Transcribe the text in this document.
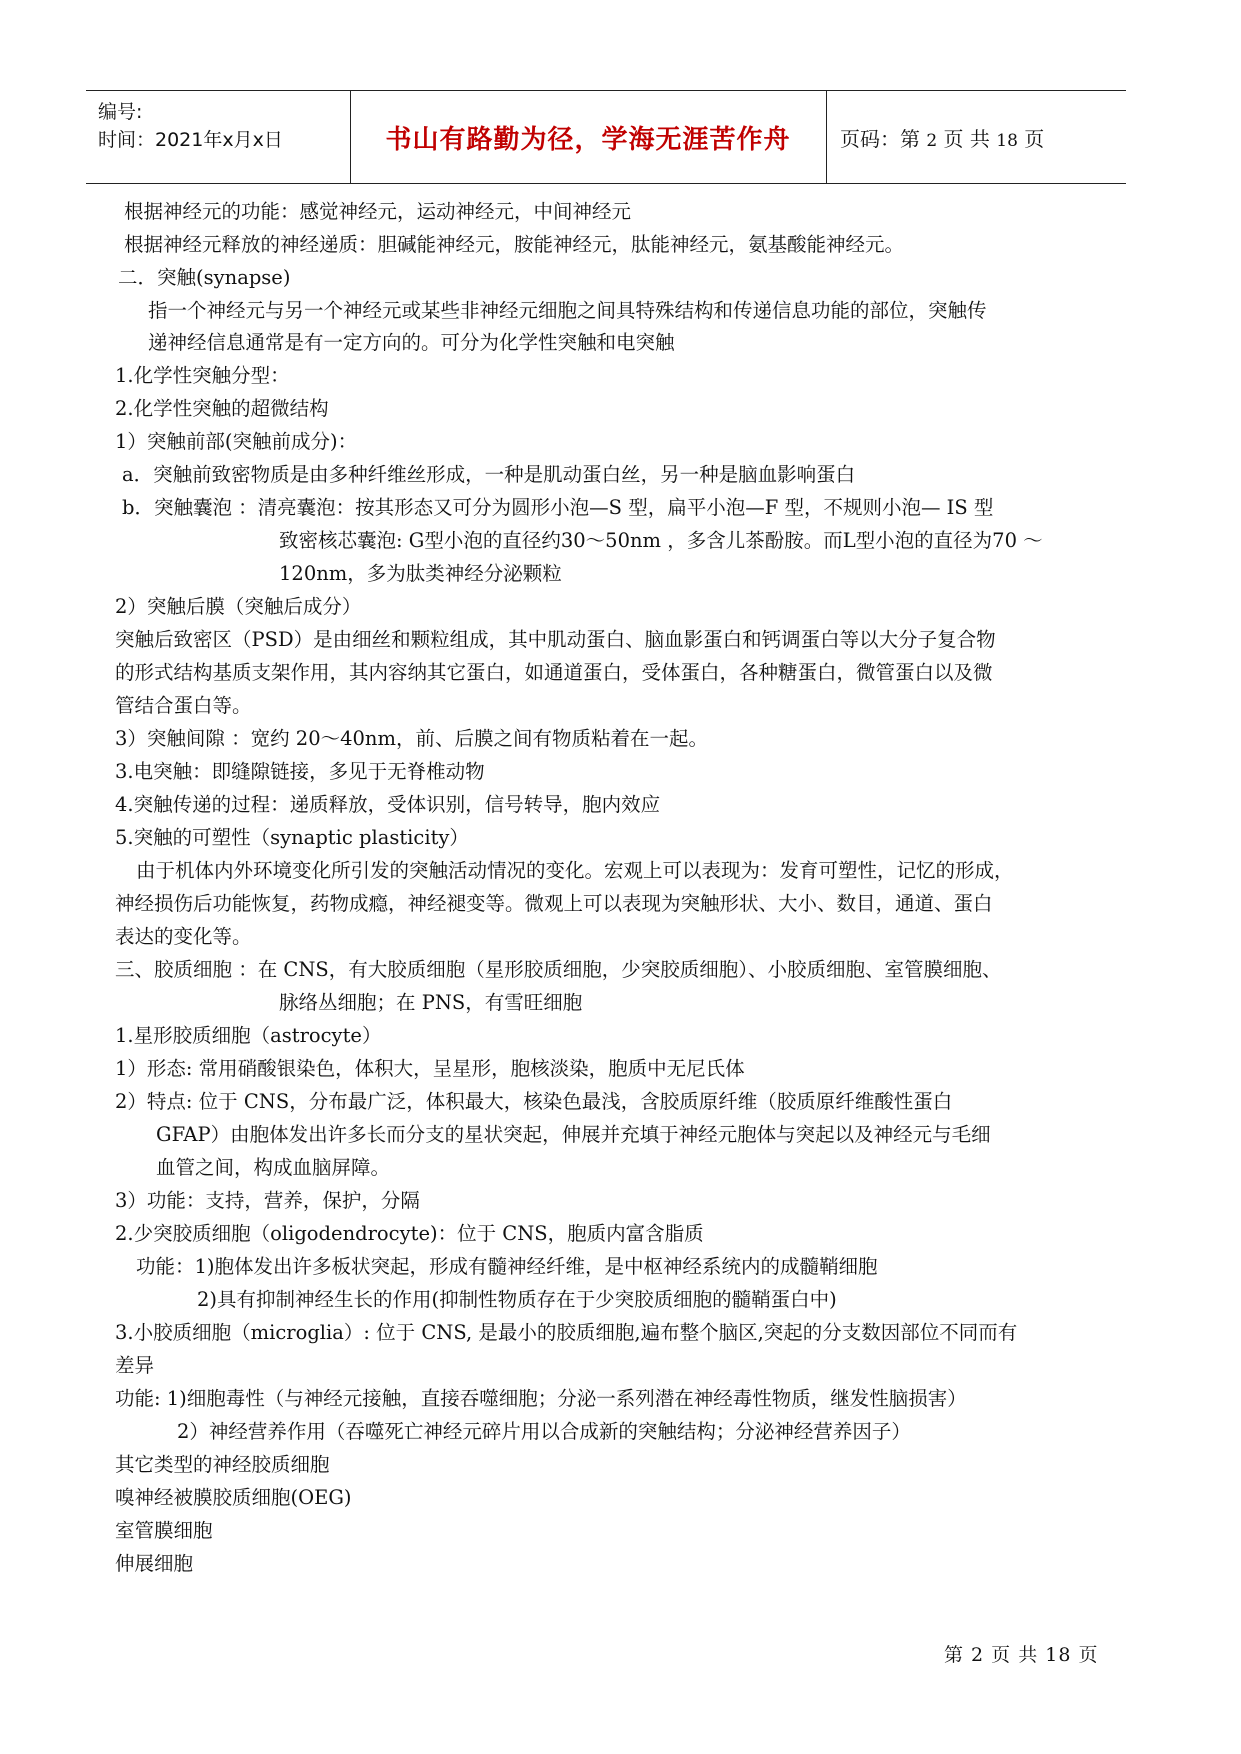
编号:
时间：2021年x月x日	书山有路勤为径，学海无涯苦作舟 页码：第 2 页 共 18 页
根据神经元的功能：感觉神经元，运动神经元，中间神经元
根据神经元释放的神经递质：胆碱能神经元，胺能神经元，肽能神经元，氨基酸能神经元。
二．突触(synapse)
指一个神经元与另一个神经元或某些非神经元细胞之间具特殊结构和传递信息功能的部位，突触传
递神经信息通常是有一定方向的。可分为化学性突触和电突触
1.化学性突触分型：
2.化学性突触的超微结构
1）突触前部(突触前成分)：
a．突触前致密物质是由多种纤维丝形成，一种是肌动蛋白丝，另一种是脑血影响蛋白
b．突触囊泡 ：清亮囊泡：按其形态又可分为圆形小泡—S 型，扁平小泡—F 型，不规则小泡— IS 型
致密核芯囊泡: G型小泡的直径约30～50nm ，多含儿茶酚胺。而L型小泡的直径为70 ～
120nm，多为肽类神经分泌颗粒
2）突触后膜（突触后成分）
突触后致密区（PSD）是由细丝和颗粒组成，其中肌动蛋白、脑血影蛋白和钙调蛋白等以大分子复合物
的形式结构基质支架作用，其内容纳其它蛋白，如通道蛋白，受体蛋白，各种糖蛋白，微管蛋白以及微
管结合蛋白等。
3）突触间隙 ：宽约 20～40nm，前、后膜之间有物质粘着在一起。
3.电突触：即缝隙链接，多见于无脊椎动物
4.突触传递的过程：递质释放，受体识别，信号转导，胞内效应
5.突触的可塑性（synaptic plasticity）
由于机体内外环境变化所引发的突触活动情况的变化。宏观上可以表现为：发育可塑性，记忆的形成，
神经损伤后功能恢复，药物成瘾，神经褪变等。微观上可以表现为突触形状、大小、数目，通道、蛋白
表达的变化等。
三、胶质细胞 ：在 CNS，有大胶质细胞（星形胶质细胞，少突胶质细胞）、小胶质细胞、室管膜细胞、
脉络丛细胞；在 PNS，有雪旺细胞
1.星形胶质细胞（astrocyte）
1）形态: 常用硝酸银染色，体积大，呈星形，胞核淡染，胞质中无尼氏体
2）特点: 位于 CNS，分布最广泛，体积最大，核染色最浅，含胶质原纤维（胶质原纤维酸性蛋白
GFAP）由胞体发出许多长而分支的星状突起，伸展并充填于神经元胞体与突起以及神经元与毛细
血管之间，构成血脑屏障。
3）功能：支持，营养，保护，分隔
2.少突胶质细胞（oligodendrocyte)：位于 CNS，胞质内富含脂质
功能：1)胞体发出许多板状突起，形成有髓神经纤维，是中枢神经系统内的成髓鞘细胞
2)具有抑制神经生长的作用(抑制性物质存在于少突胶质细胞的髓鞘蛋白中)
3.小胶质细胞（microglia）: 位于 CNS, 是最小的胶质细胞,遍布整个脑区,突起的分支数因部位不同而有
差异
功能: 1)细胞毒性（与神经元接触，直接吞噬细胞；分泌一系列潜在神经毒性物质，继发性脑损害）
2）神经营养作用（吞噬死亡神经元碎片用以合成新的突触结构；分泌神经营养因子）
其它类型的神经胶质细胞
嗅神经被膜胶质细胞(OEG)
室管膜细胞
伸展细胞
第 2 页 共 18 页
